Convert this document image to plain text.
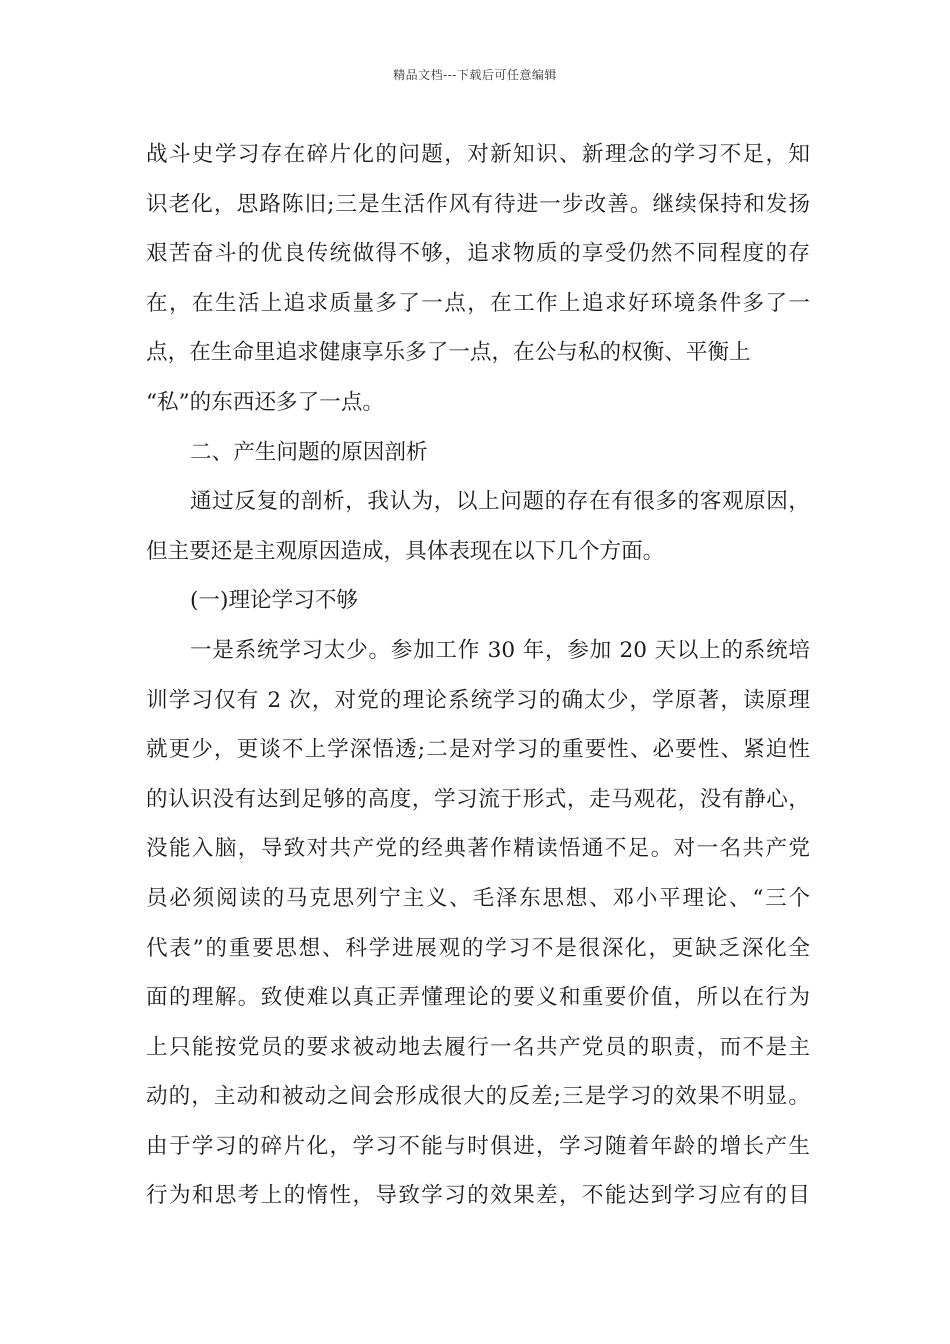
精品文档---下载后可任意编辑
战斗史学习存在碎片化的问题，对新知识、新理念的学习不足，知
识老化，思路陈旧;三是生活作风有待进一步改善。继续保持和发扬
艰苦奋斗的优良传统做得不够，追求物质的享受仍然不同程度的存
在，在生活上追求质量多了一点，在工作上追求好环境条件多了一
点，在生命里追求健康享乐多了一点，在公与私的权衡、平衡上
“私”的东西还多了一点。
二、产生问题的原因剖析
通过反复的剖析，我认为，以上问题的存在有很多的客观原因，
但主要还是主观原因造成，具体表现在以下几个方面。
(一)理论学习不够
一是系统学习太少。参加工作 30 年，参加 20 天以上的系统培
训学习仅有 2 次，对党的理论系统学习的确太少，学原著，读原理
就更少，更谈不上学深悟透;二是对学习的重要性、必要性、紧迫性
的认识没有达到足够的高度，学习流于形式，走马观花，没有静心，
没能入脑，导致对共产党的经典著作精读悟通不足。对一名共产党
员必须阅读的马克思列宁主义、毛泽东思想、邓小平理论、“三个
代表”的重要思想、科学进展观的学习不是很深化，更缺乏深化全
面的理解。致使难以真正弄懂理论的要义和重要价值，所以在行为
上只能按党员的要求被动地去履行一名共产党员的职责，而不是主
动的，主动和被动之间会形成很大的反差;三是学习的效果不明显。
由于学习的碎片化，学习不能与时俱进，学习随着年龄的增长产生
行为和思考上的惰性，导致学习的效果差，不能达到学习应有的目
